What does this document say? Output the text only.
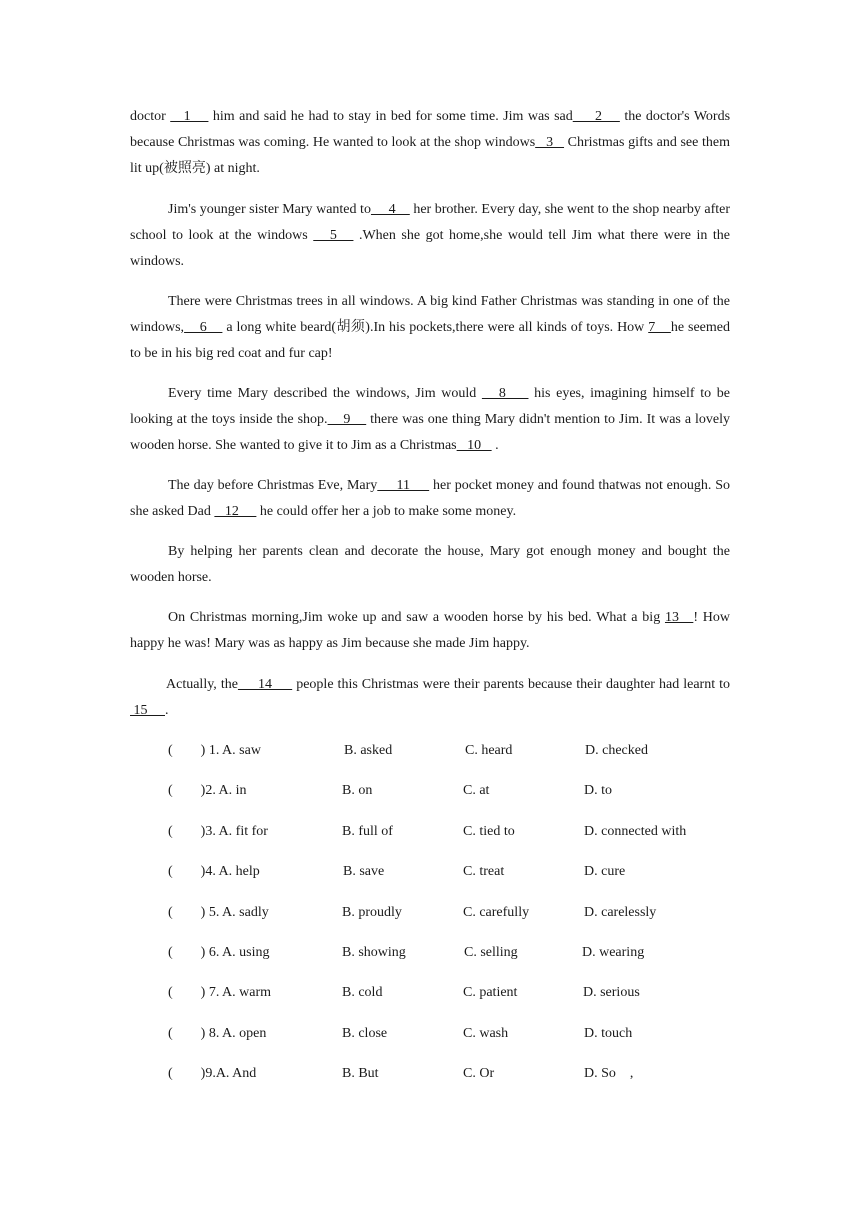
doctor    1     him and said he had to stay in bed for some time. Jim was sad     2     the doctor's Words because Christmas was coming. He wanted to look at the shop windows   3    Christmas gifts and see them lit up(被照亮) at night.

Jim's younger sister Mary wanted to     4     her brother. Every day, she went to the shop nearby after school to look at the windows    5    .When she got home,she would tell Jim what there were in the windows.

There were Christmas trees in all windows. A big kind Father Christmas was standing in one of the windows,    6     a long white beard(胡须).In his pockets,there were all kinds of toys. How 7    he seemed to be in his big red coat and fur cap!

Every time Mary described the windows, Jim would    8     his eyes, imagining himself to be looking at the toys inside the shop.    9     there was one thing Mary didn't mention to Jim. It was a lovely wooden horse. She wanted to give it to Jim as a Christmas   10    .

The day before Christmas Eve, Mary     11      her pocket money and found thatwas not enough. So she asked Dad    12      he could offer her a job to make some money.

By helping her parents clean and decorate the house, Mary got enough money and bought the wooden horse.

On Christmas morning,Jim woke up and saw a wooden horse by his bed. What a big 13   ! How happy he was! Mary was as happy as Jim because she made Jim happy.

Actually, the     14      people this Christmas were their parents because their daughter had learnt to  15     .

(        ) 1. A. saw	B. asked	C. heard	D. checked
(        )2. A. in	B. on	C. at	D. to
(        )3. A. fit for	B. full of	C. tied to	D. connected with
(        )4. A. help	B. save	C. treat	D. cure
(        ) 5. A. sadly	B. proudly	C. carefully	D. carelessly
(        ) 6. A. using	B. showing	C. selling	D. wearing
(        ) 7. A. warm	B. cold	C. patient	D. serious
(        ) 8. A. open	B. close	C. wash	D. touch
(        )9.A. And	B. But	C. Or	D. So    ,
